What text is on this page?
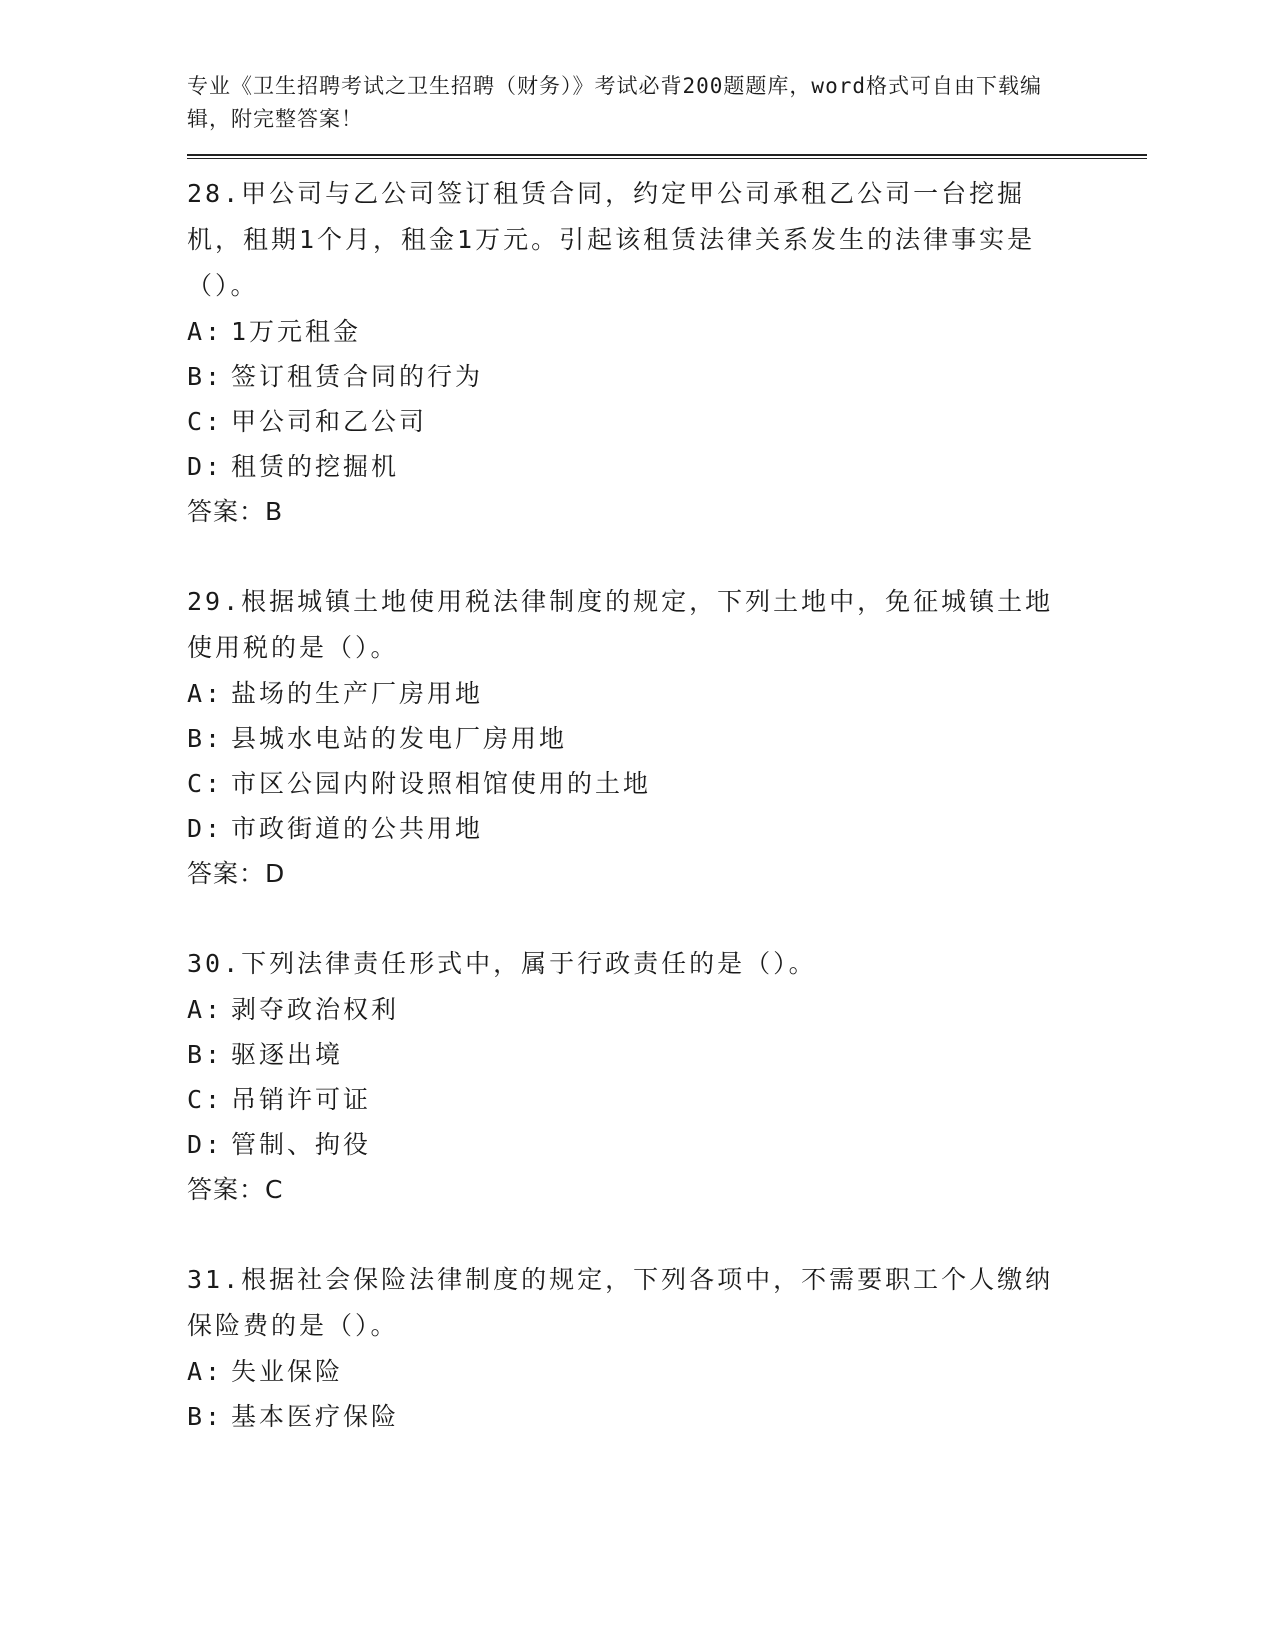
专业《卫生招聘考试之卫生招聘（财务）》考试必背200题题库，word格式可自由下载编辑，附完整答案！
28.甲公司与乙公司签订租赁合同，约定甲公司承租乙公司一台挖掘机，租期1个月，租金1万元。引起该租赁法律关系发生的法律事实是（）。
A: 1万元租金
B: 签订租赁合同的行为
C: 甲公司和乙公司
D: 租赁的挖掘机
答案：B
29.根据城镇土地使用税法律制度的规定，下列土地中，免征城镇土地使用税的是（）。
A: 盐场的生产厂房用地
B: 县城水电站的发电厂房用地
C: 市区公园内附设照相馆使用的土地
D: 市政街道的公共用地
答案：D
30.下列法律责任形式中，属于行政责任的是（）。
A: 剥夺政治权利
B: 驱逐出境
C: 吊销许可证
D: 管制、拘役
答案：C
31.根据社会保险法律制度的规定，下列各项中，不需要职工个人缴纳保险费的是（）。
A: 失业保险
B: 基本医疗保险
